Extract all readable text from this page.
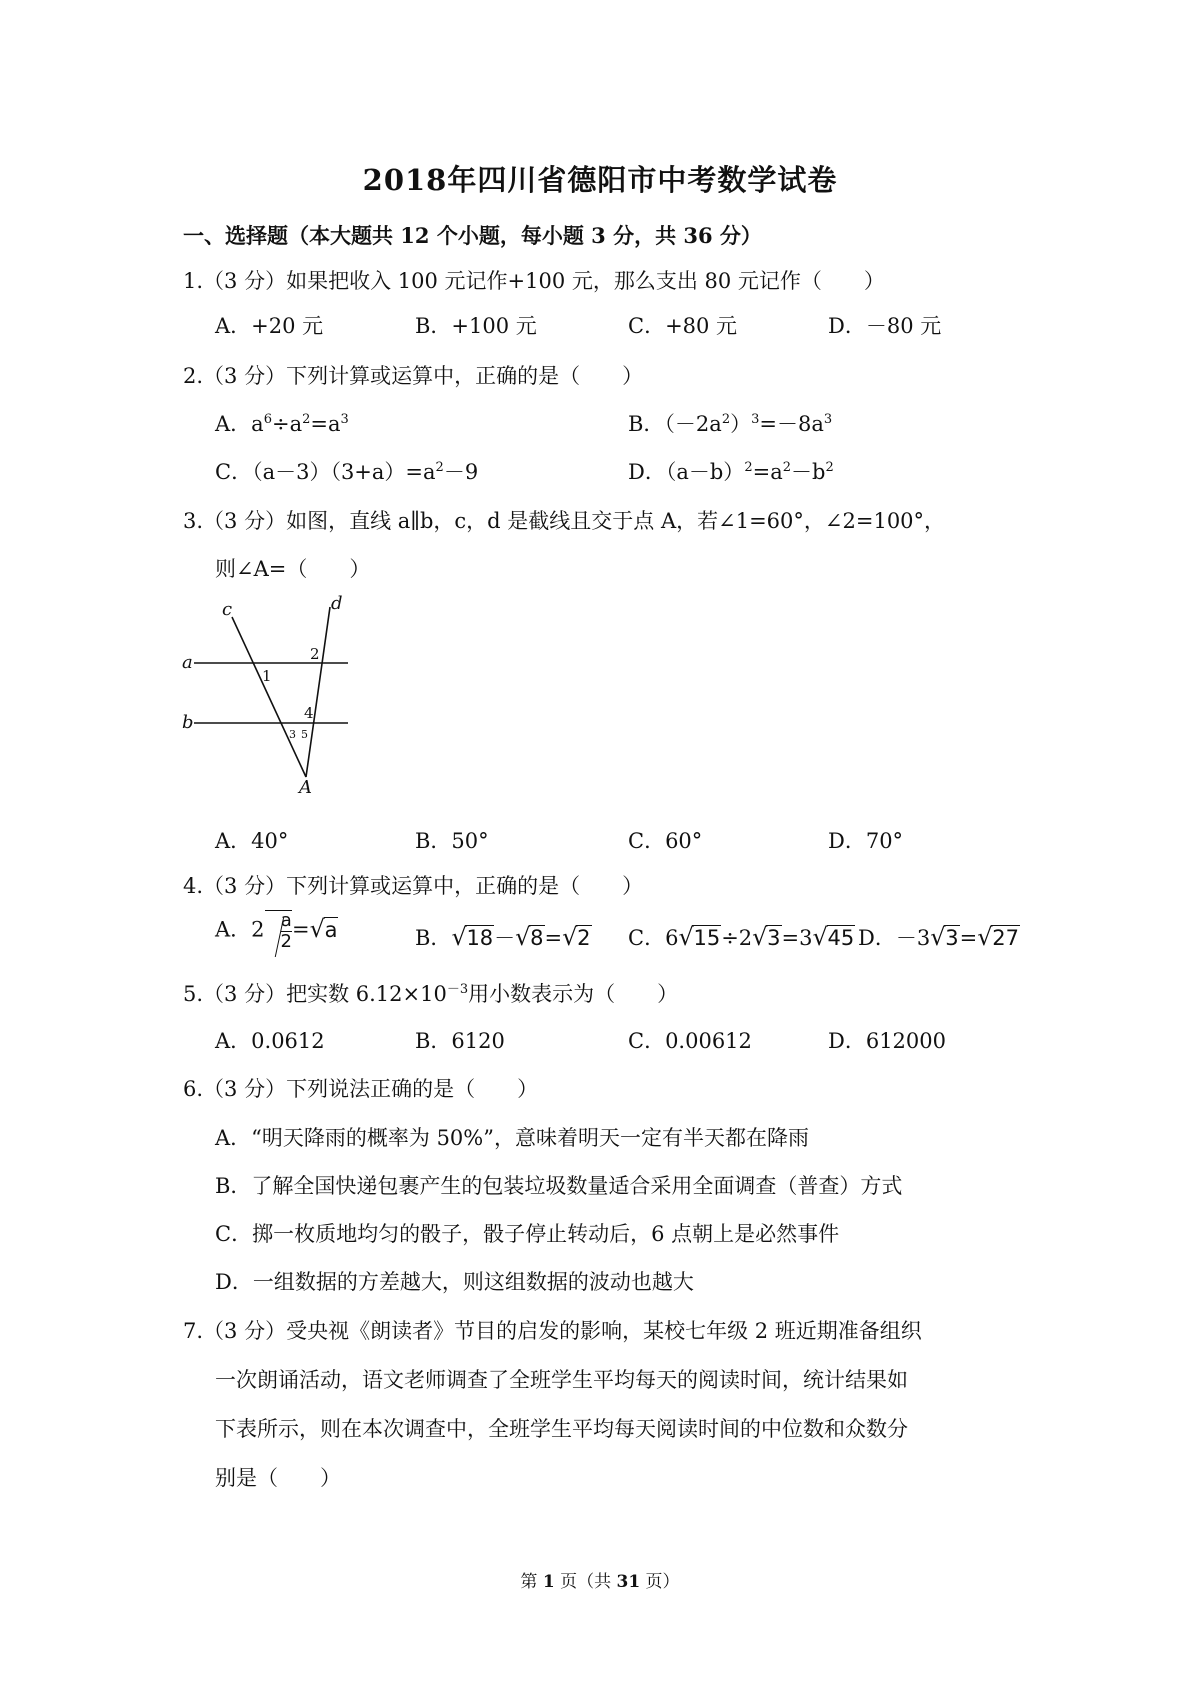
2018年四川省德阳市中考数学试卷
一、选择题（本大题共 12 个小题，每小题 3 分，共 36 分）
1.（3 分）如果把收入 100 元记作+100 元，那么支出 80 元记作（　　）
A．+20 元	B．+100 元	C．+80 元	D．－80 元
2.（3 分）下列计算或运算中，正确的是（　　）
A．$a^6\div a^2=a^3$	B．$(-2a^2)^3=-8a^3$
C．$(a-3)(3+a)=a^2-9$	D．$(a-b)^2=a^2-b^2$
3.（3 分）如图，直线 a∥b，c，d 是截线且交于点 A，若∠1=60°，∠2=100°，
则∠A=（　　）
c	d
a
b
A
2
1
4
3 5
A．40°	B．50°	C．60°	D．70°
4.（3 分）下列计算或运算中，正确的是（　　）
A．$2 \frac{a}{2}$ = √ a	B． √ 18－ √ 8= √ 2 C．6 √ 15÷2 √ 3=3 √ 45 D．－3 √ 3= √ 27
5.（3 分）把实数 $6.12\times 10^{-3}$用小数表示为（　　）
A．0.0612	B．6120	C．0.00612	D．612000
6.（3 分）下列说法正确的是（　　）
A．“明天降雨的概率为 50%”，意味着明天一定有半天都在降雨
B．了解全国快递包裹产生的包装垃圾数量适合采用全面调查（普查）方式
C．掷一枚质地均匀的骰子，骰子停止转动后，6 点朝上是必然事件
D．一组数据的方差越大，则这组数据的波动也越大
7.（3 分）受央视《朗读者》节目的启发的影响，某校七年级 2 班近期准备组织
一次朗诵活动，语文老师调查了全班学生平均每天的阅读时间，统计结果如
下表所示，则在本次调查中，全班学生平均每天阅读时间的中位数和众数分
别是（　　）
第 1 页（共 31 页）
